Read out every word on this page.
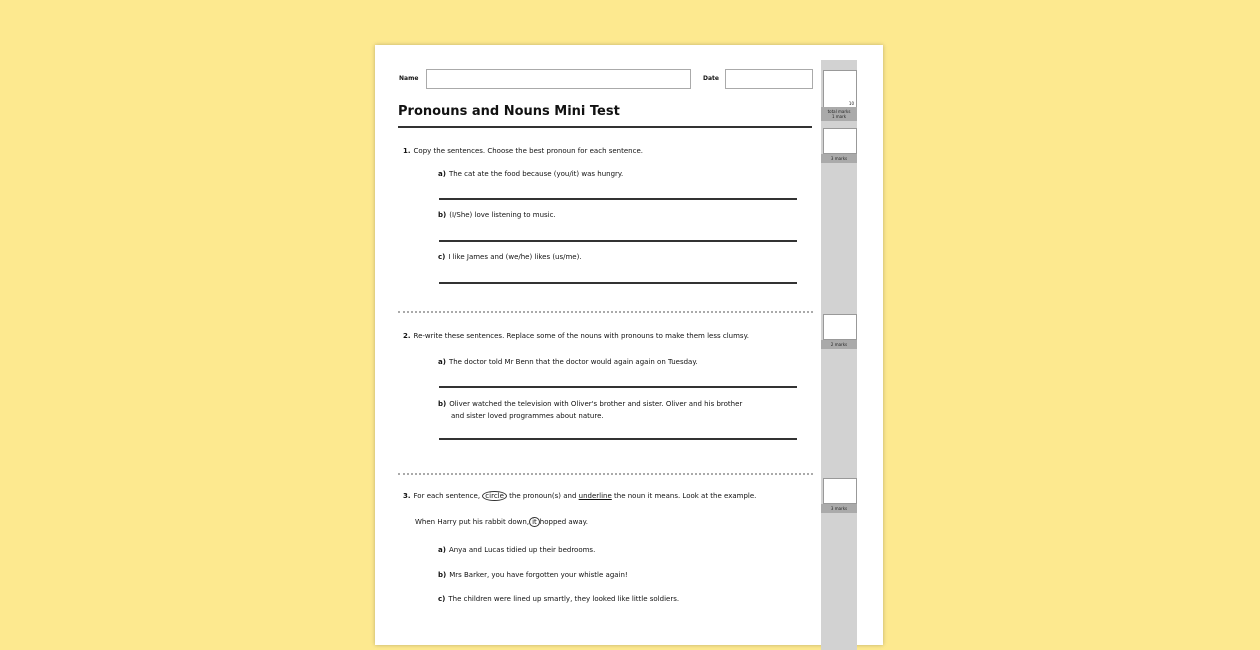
Name	Date
Pronouns and Nouns Mini Test
10
total marks
1 mark
3 marks
2 marks
3 marks
1. Copy the sentences. Choose the best pronoun for each sentence.
a) The cat ate the food because (you/it) was hungry.
b) (I/She) love listening to music.
c) I like James and (we/he) likes (us/me).
2. Re-write these sentences. Replace some of the nouns with pronouns to make them less clumsy.
a) The doctor told Mr Benn that the doctor would again again on Tuesday.
b) Oliver watched the television with Oliver's brother and sister. Oliver and his brother
and sister loved programmes about nature.
3. For each sentence, circle the pronoun(s) and underline the noun it means. Look at the example.
When Harry put his rabbit down, it hopped away.
a) Anya and Lucas tidied up their bedrooms.
b) Mrs Barker, you have forgotten your whistle again!
c) The children were lined up smartly, they looked like little soldiers.
